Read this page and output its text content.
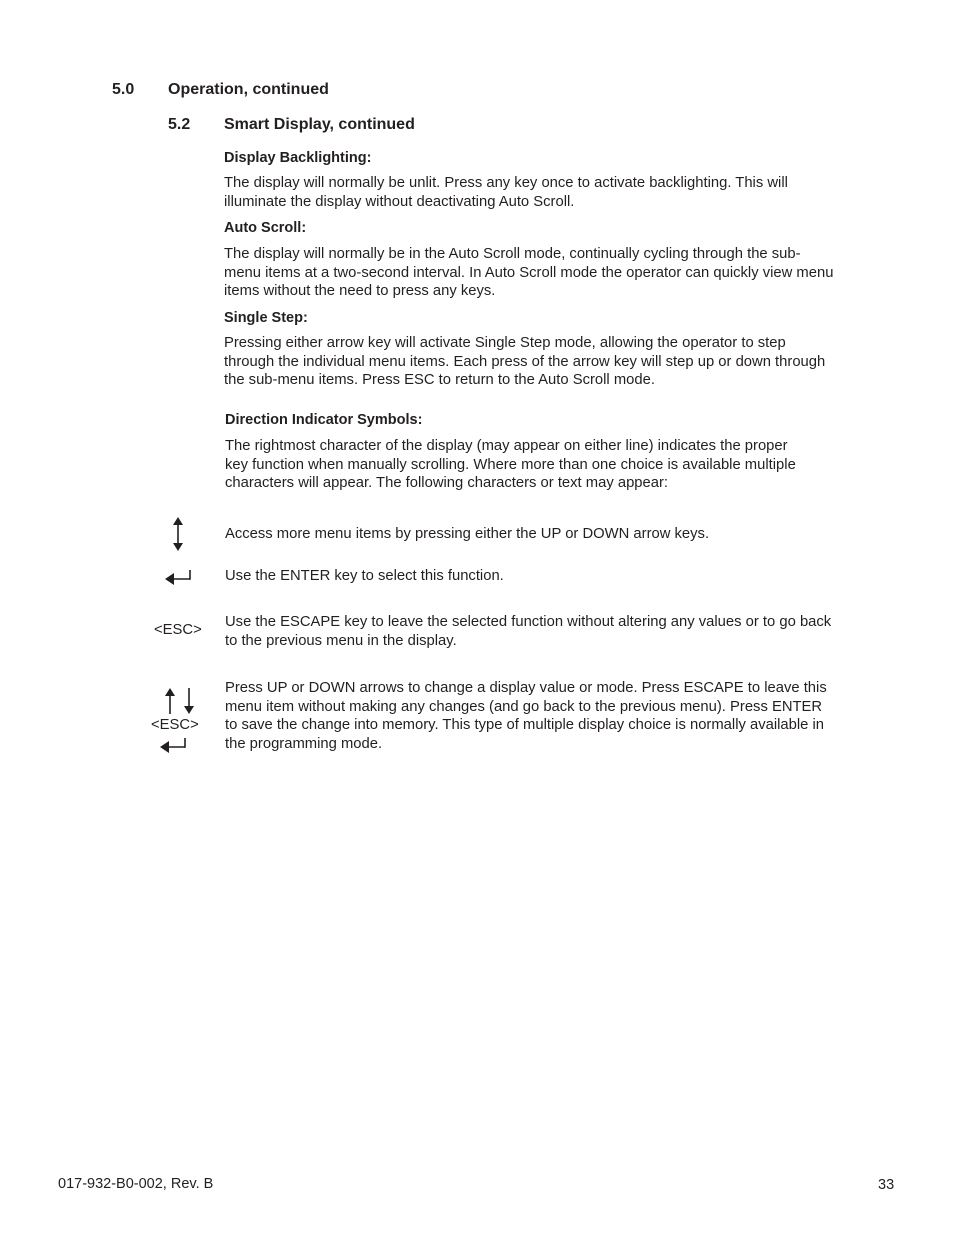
5.0 Operation, continued
5.2 Smart Display, continued
Display Backlighting:
The display will normally be unlit. Press any key once to activate backlighting. This will
illuminate the display without deactivating Auto Scroll.
Auto Scroll:
The display will normally be in the Auto Scroll mode, continually cycling through the sub-
menu items at a two-second interval. In Auto Scroll mode the operator can quickly view menu
items without the need to press any keys.
Single Step:
Pressing either arrow key will activate Single Step mode, allowing the operator to step
through the individual menu items. Each press of the arrow key will step up or down through
the sub-menu items. Press ESC to return to the Auto Scroll mode.
Direction Indicator Symbols:
The rightmost character of the display (may appear on either line) indicates the proper
key function when manually scrolling. Where more than one choice is available multiple
characters will appear. The following characters or text may appear:
Access more menu items by pressing either the UP or DOWN arrow keys.
Use the ENTER key to select this function.
<ESC> Use the ESCAPE key to leave the selected function without altering any values or to go back
to the previous menu in the display.
<ESC>
Press UP or DOWN arrows to change a display value or mode. Press ESCAPE to leave this
menu item without making any changes (and go back to the previous menu). Press ENTER
to save the change into memory. This type of multiple display choice is normally available in
the programming mode.
017-932-B0-002, Rev. B	33
